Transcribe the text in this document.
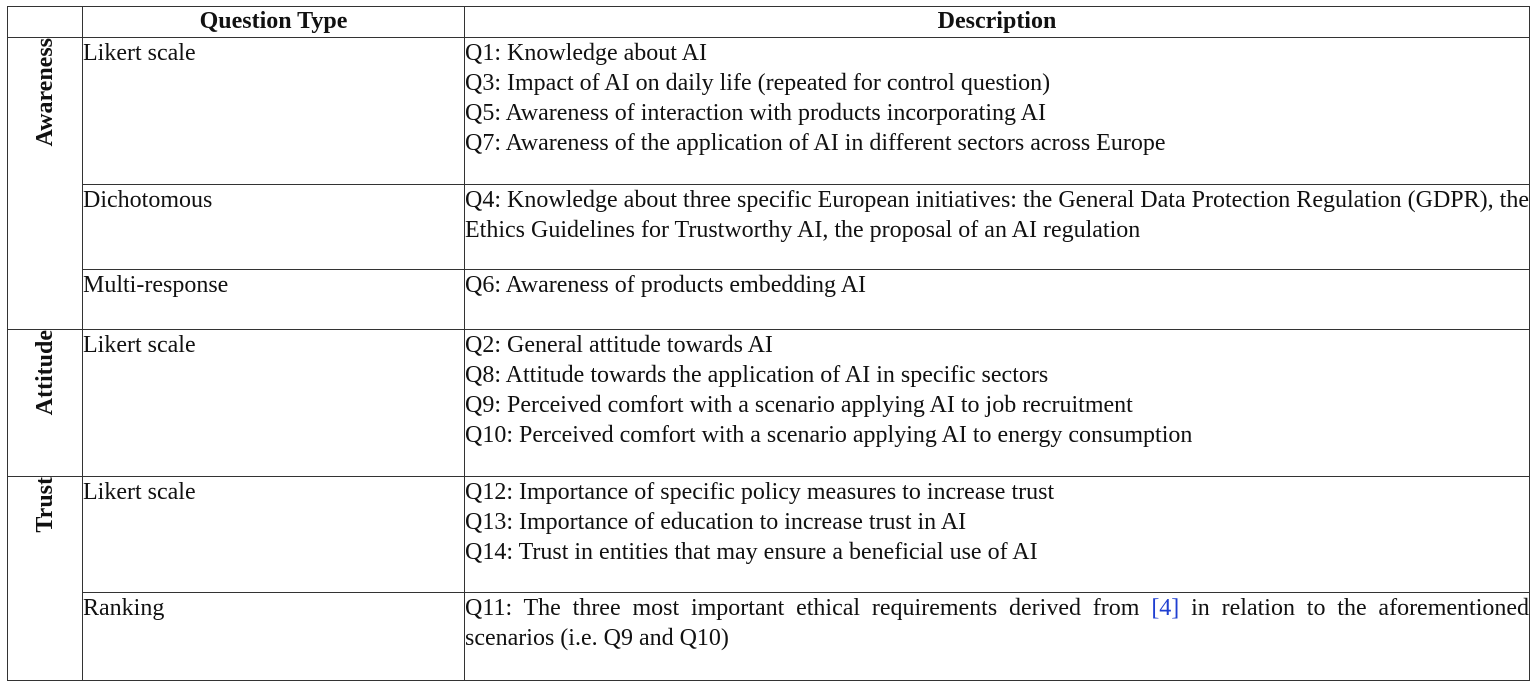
	Question Type	Description
Awareness	Likert scale	Q1: Knowledge about AI
Q3: Impact of AI on daily life (repeated for control question)
Q5: Awareness of interaction with products incorporating AI
Q7: Awareness of the application of AI in different sectors across Europe

	Dichotomous	Q4: Knowledge about three specific European initiatives: the General Data Protection Regulation (GDPR), the Ethics Guidelines for Trustworthy AI, the proposal of an AI regulation

	Multi-response	Q6: Awareness of products embedding AI

Attitude	Likert scale	Q2: General attitude towards AI
Q8: Attitude towards the application of AI in specific sectors
Q9: Perceived comfort with a scenario applying AI to job recruitment
Q10: Perceived comfort with a scenario applying AI to energy consumption

Trust	Likert scale	Q12: Importance of specific policy measures to increase trust
Q13: Importance of education to increase trust in AI
Q14: Trust in entities that may ensure a beneficial use of AI

	Ranking	Q11: The three most important ethical requirements derived from [4] in relation to the aforementioned scenarios (i.e. Q9 and Q10)
